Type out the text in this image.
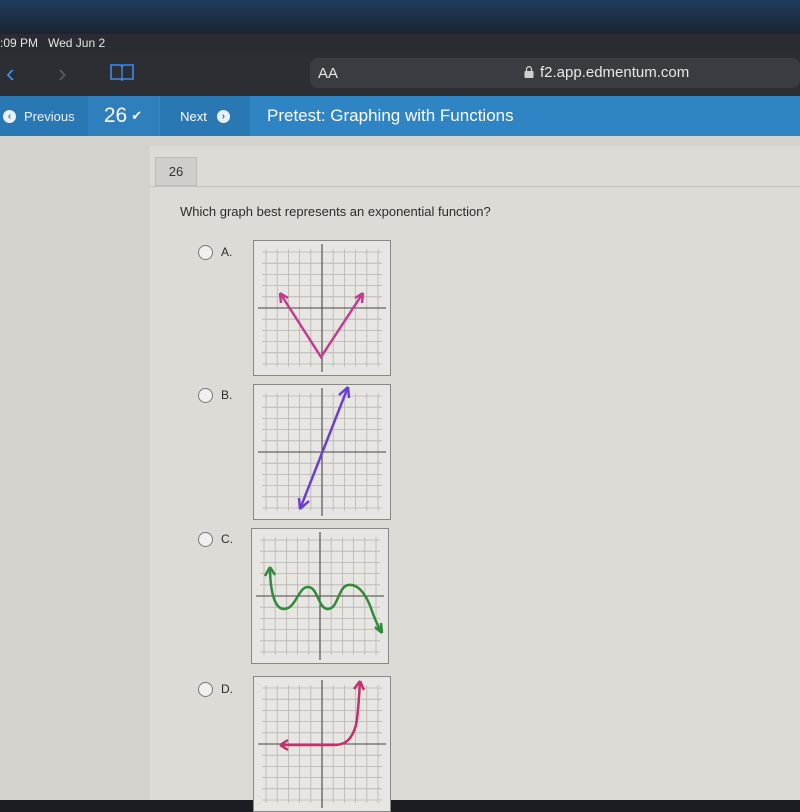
:09 PM Wed Jun 2
‹ ›	AA	f2.app.edmentum.com
‹ Previous 26 ✔	Next	› Pretest: Graphing with Functions
26
Which graph best represents an exponential function?
A.
B.
C.
D.
